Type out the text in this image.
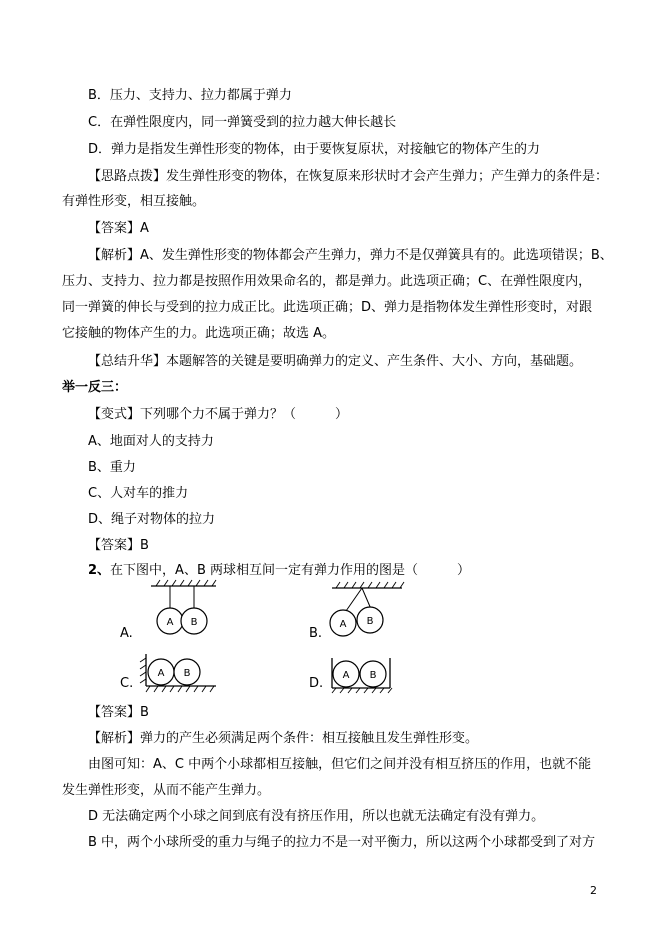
B．压力、支持力、拉力都属于弹力
C．在弹性限度内，同一弹簧受到的拉力越大伸长越长
D．弹力是指发生弹性形变的物体，由于要恢复原状，对接触它的物体产生的力
【思路点拨】发生弹性形变的物体，在恢复原来形状时才会产生弹力；产生弹力的条件是：
有弹性形变，相互接触。
【答案】A
【解析】A、发生弹性形变的物体都会产生弹力，弹力不是仅弹簧具有的。此选项错误；B、
压力、支持力、拉力都是按照作用效果命名的，都是弹力。此选项正确；C、在弹性限度内，
同一弹簧的伸长与受到的拉力成正比。此选项正确；D、弹力是指物体发生弹性形变时，对跟
它接触的物体产生的力。此选项正确；故选 A。
【总结升华】本题解答的关键是要明确弹力的定义、产生条件、大小、方向，基础题。
举一反三：
【变式】下列哪个力不属于弹力？（　　　）
A、地面对人的支持力
B、重力
C、人对车的推力
D、绳子对物体的拉力
【答案】B
2、在下图中，A、B 两球相互间一定有弹力作用的图是（　　　）
A.
A B
B.
A B
C.
A B
D.
A B
【答案】B
【解析】弹力的产生必须满足两个条件：相互接触且发生弹性形变。
由图可知：A、C 中两个小球都相互接触，但它们之间并没有相互挤压的作用，也就不能
发生弹性形变，从而不能产生弹力。
D 无法确定两个小球之间到底有没有挤压作用，所以也就无法确定有没有弹力。
B 中，两个小球所受的重力与绳子的拉力不是一对平衡力，所以这两个小球都受到了对方
2
